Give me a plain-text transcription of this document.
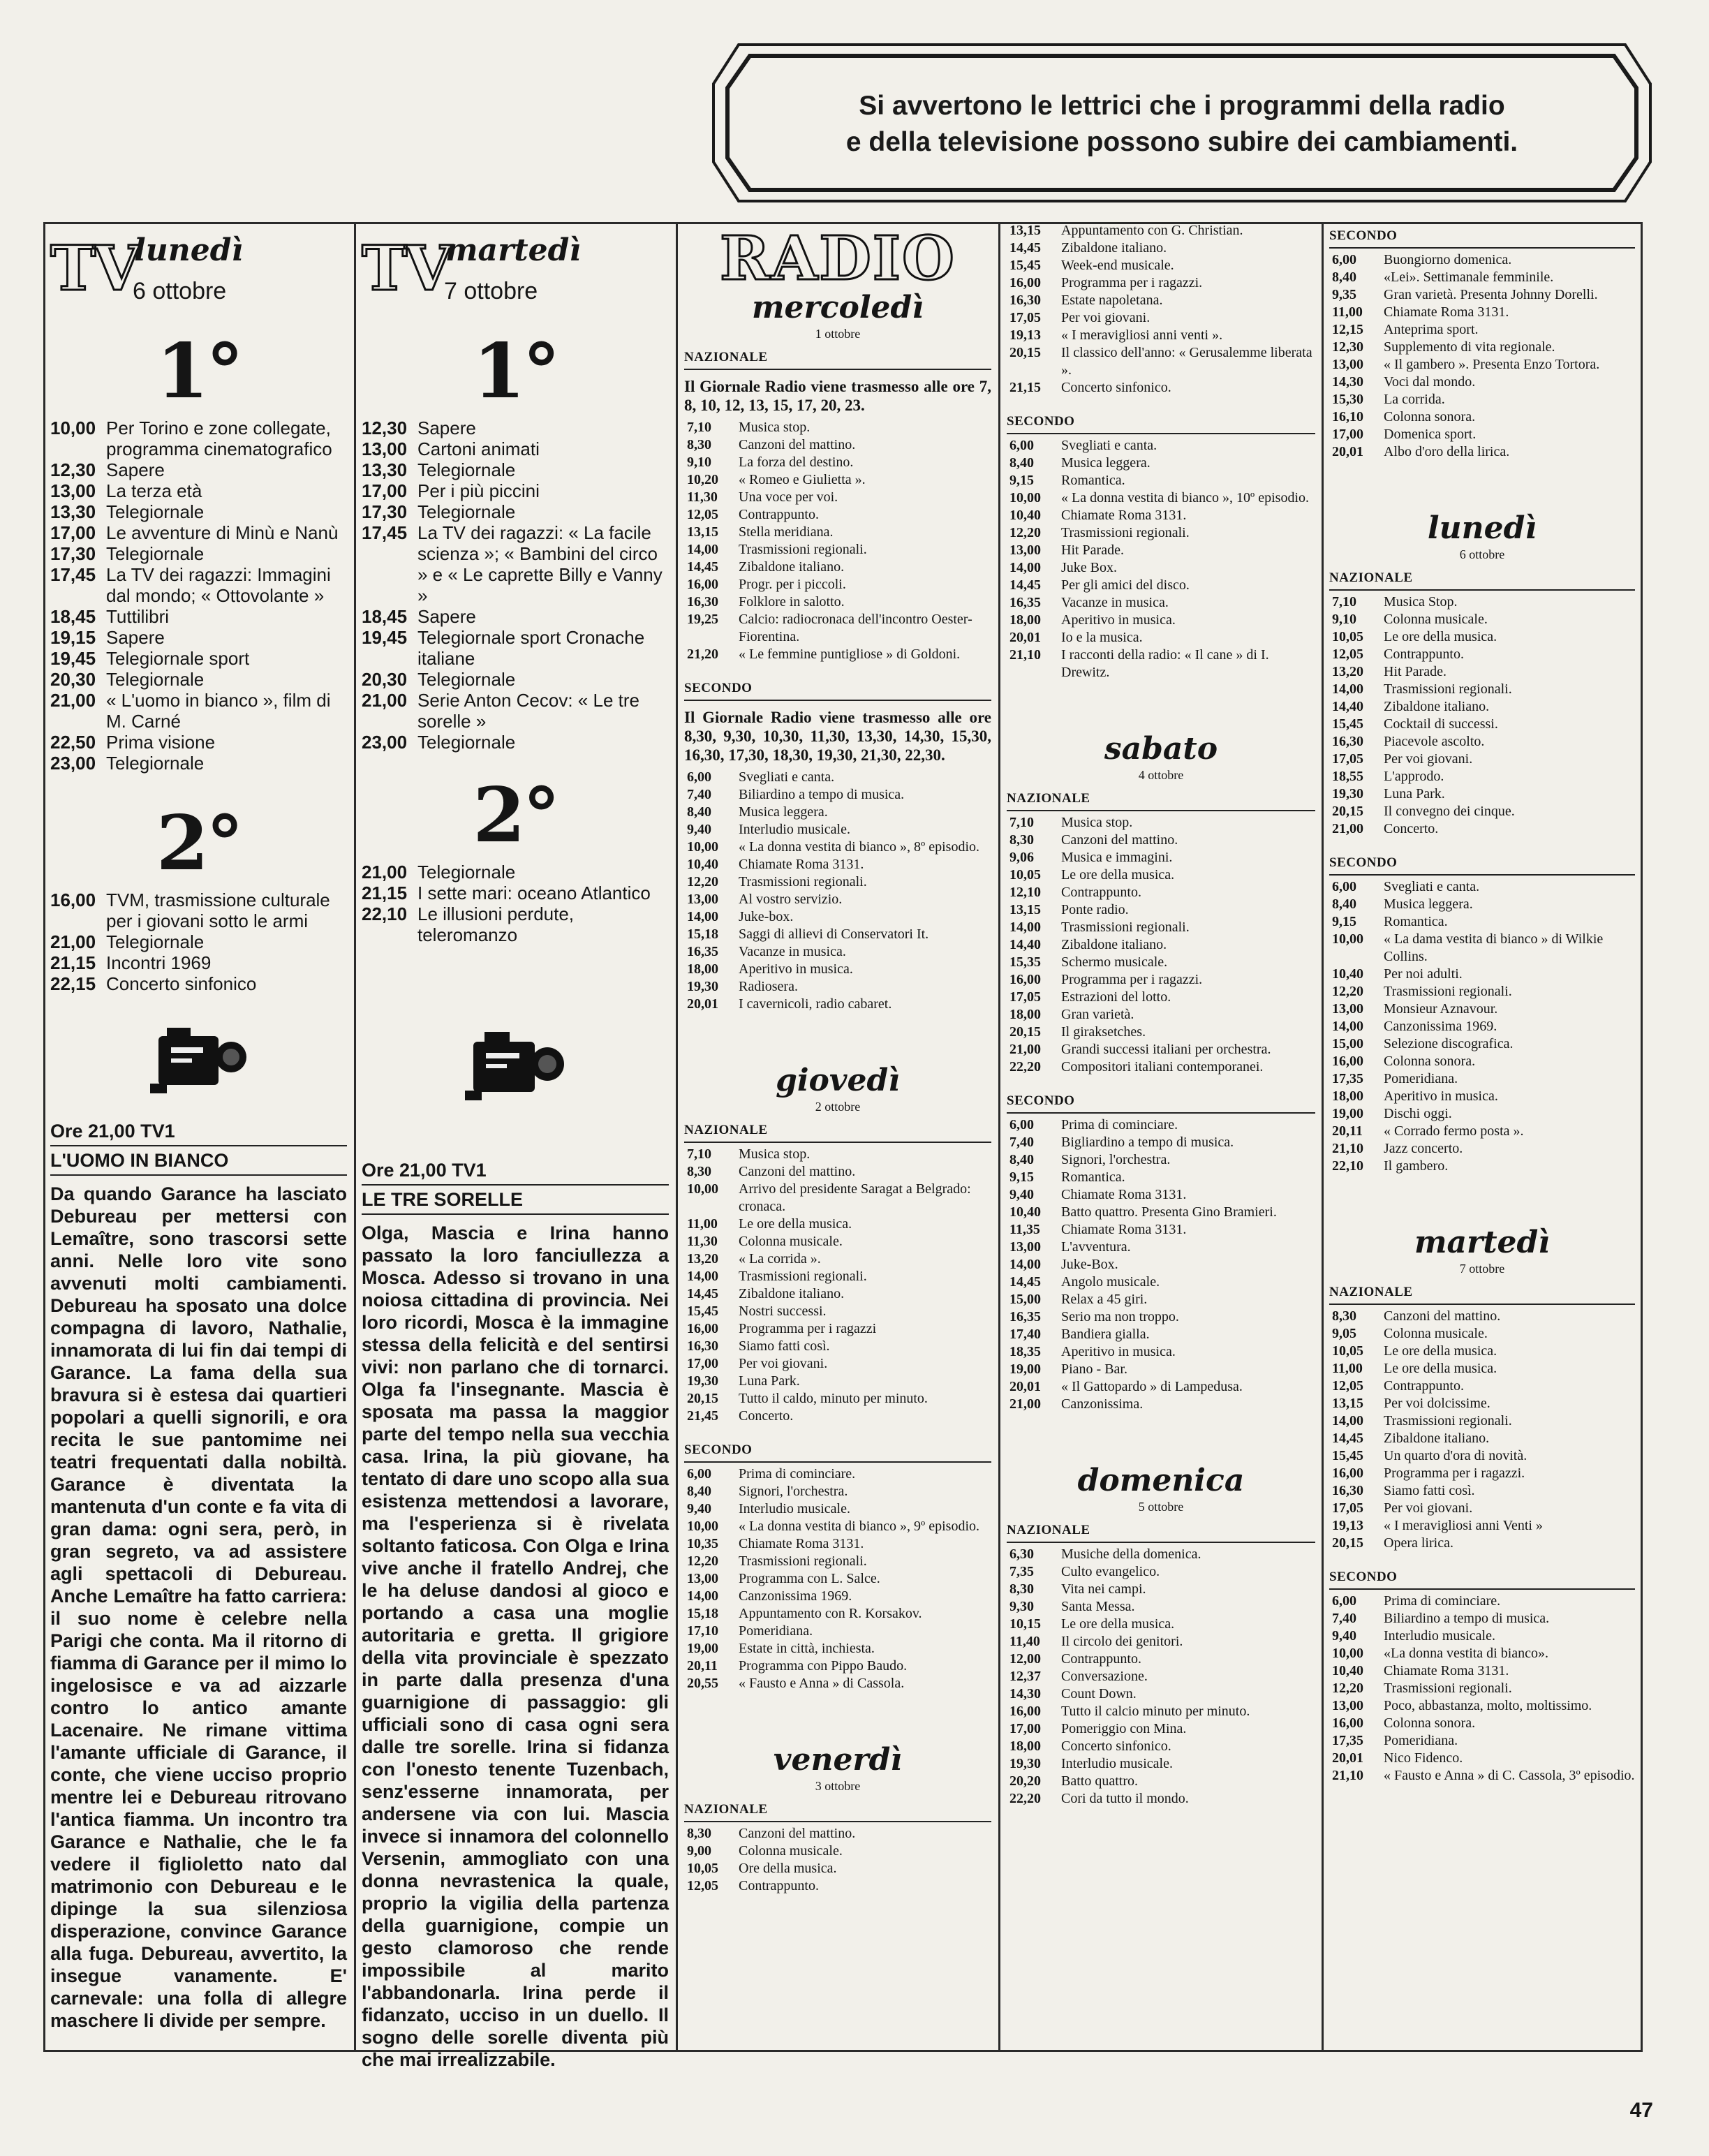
Si avvertono le lettrici che i programmi della radio
e della televisione possono subire dei cambiamenti.
TV
lunedì
6 ottobre
1°
10,00 Per Torino e zone collegate, programma cinematografico
12,30 Sapere
13,00 La terza età
13,30 Telegiornale
17,00 Le avventure di Minù e Nanù
17,30 Telegiornale
17,45 La TV dei ragazzi: Immagini dal mondo; « Ottovolante »
18,45 Tuttilibri
19,15 Sapere
19,45 Telegiornale sport
20,30 Telegiornale
21,00 « L'uomo in bianco », film di M. Carné
22,50 Prima visione
23,00 Telegiornale
2°
16,00 TVM, trasmissione culturale per i giovani sotto le armi
21,00 Telegiornale
21,15 Incontri 1969
22,15 Concerto sinfonico
Ore 21,00 TV1
L'UOMO IN BIANCO
Da quando Garance ha lasciato Debureau per mettersi con Lemaître, sono trascorsi sette anni. Nelle loro vite sono avvenuti molti cambiamenti. Debureau ha sposato una dolce compagna di lavoro, Nathalie, innamorata di lui fin dai tempi di Garance. La fama della sua bravura si è estesa dai quartieri popolari a quelli signorili, e ora recita le sue pantomime nei teatri frequentati dalla nobiltà. Garance è diventata la mantenuta d'un conte e fa vita di gran dama: ogni sera, però, in gran segreto, va ad assistere agli spettacoli di Debureau. Anche Lemaître ha fatto carriera: il suo nome è celebre nella Parigi che conta. Ma il ritorno di fiamma di Garance per il mimo lo ingelosisce e va ad aizzarle contro lo antico amante Lacenaire. Ne rimane vittima l'amante ufficiale di Garance, il conte, che viene ucciso proprio mentre lei e Debureau ritrovano l'antica fiamma. Un incontro tra Garance e Nathalie, che le fa vedere il figlioletto nato dal matrimonio con Debureau e le dipinge la sua silenziosa disperazione, convince Garance alla fuga. Debureau, avvertito, la insegue vanamente. E' carnevale: una folla di allegre maschere li divide per sempre.
TV
martedì
7 ottobre
1°
12,30 Sapere
13,00 Cartoni animati
13,30 Telegiornale
17,00 Per i più piccini
17,30 Telegiornale
17,45 La TV dei ragazzi: « La facile scienza »; « Bambini del circo » e « Le caprette Billy e Vanny »
18,45 Sapere
19,45 Telegiornale sport Cronache italiane
20,30 Telegiornale
21,00 Serie Anton Cecov: « Le tre sorelle »
23,00 Telegiornale
2°
21,00 Telegiornale
21,15 I sette mari: oceano Atlantico
22,10 Le illusioni perdute, teleromanzo
Ore 21,00 TV1
LE TRE SORELLE
Olga, Mascia e Irina hanno passato la loro fanciullezza a Mosca. Adesso si trovano in una noiosa cittadina di provincia. Nei loro ricordi, Mosca è la immagine stessa della felicità e del sentirsi vivi: non parlano che di tornarci. Olga fa l'insegnante. Mascia è sposata ma passa la maggior parte del tempo nella sua vecchia casa. Irina, la più giovane, ha tentato di dare uno scopo alla sua esistenza mettendosi a lavorare, ma l'esperienza si è rivelata soltanto faticosa. Con Olga e Irina vive anche il fratello Andrej, che le ha deluse dandosi al gioco e portando a casa una moglie autoritaria e gretta. Il grigiore della vita provinciale è spezzato in parte dalla presenza d'una guarnigione di passaggio: gli ufficiali sono di casa ogni sera dalle tre sorelle. Irina si fidanza con l'onesto tenente Tuzenbach, senz'esserne innamorata, per andersene via con lui. Mascia invece si innamora del colonnello Versenin, ammogliato con una donna nevrastenica la quale, proprio la vigilia della partenza della guarnigione, compie un gesto clamoroso che rende impossibile al marito l'abbandonarla. Irina perde il fidanzato, ucciso in un duello. Il sogno delle sorelle diventa più che mai irrealizzabile.
RADIO
mercoledì
1 ottobre
NAZIONALE
Il Giornale Radio viene trasmesso alle ore 7, 8, 10, 12, 13, 15, 17, 20, 23.
7,10	Musica stop.
8,30	Canzoni del mattino.
9,10	La forza del destino.
10,20	« Romeo e Giulietta ».
11,30	Una voce per voi.
12,05	Contrappunto.
13,15	Stella meridiana.
14,00	Trasmissioni regionali.
14,45	Zibaldone italiano.
16,00	Progr. per i piccoli.
16,30	Folklore in salotto.
19,25	Calcio: radiocronaca dell'incontro Oester-Fiorentina.
21,20	« Le femmine puntigliose » di Goldoni.
SECONDO
Il Giornale Radio viene trasmesso alle ore 8,30, 9,30, 10,30, 11,30, 13,30, 14,30, 15,30, 16,30, 17,30, 18,30, 19,30, 21,30, 22,30.
6,00	Svegliati e canta.
7,40	Biliardino a tempo di musica.
8,40	Musica leggera.
9,40	Interludio musicale.
10,00	« La donna vestita di bianco », 8º episodio.
10,40	Chiamate Roma 3131.
12,20	Trasmissioni regionali.
13,00	Al vostro servizio.
14,00	Juke-box.
15,18	Saggi di allievi di Conservatori It.
16,35	Vacanze in musica.
18,00	Aperitivo in musica.
19,30	Radiosera.
20,01	I cavernicoli, radio cabaret.
giovedì
2 ottobre
NAZIONALE
7,10	Musica stop.
8,30	Canzoni del mattino.
10,00	Arrivo del presidente Saragat a Belgrado: cronaca.
11,00	Le ore della musica.
11,30	Colonna musicale.
13,20	« La corrida ».
14,00	Trasmissioni regionali.
14,45	Zibaldone italiano.
15,45	Nostri successi.
16,00	Programma per i ragazzi
16,30	Siamo fatti così.
17,00	Per voi giovani.
19,30	Luna Park.
20,15	Tutto il caldo, minuto per minuto.
21,45	Concerto.
SECONDO
6,00	Prima di cominciare.
8,40	Signori, l'orchestra.
9,40	Interludio musicale.
10,00	« La donna vestita di bianco », 9º episodio.
10,35	Chiamate Roma 3131.
12,20	Trasmissioni regionali.
13,00	Programma con L. Salce.
14,00	Canzonissima 1969.
15,18	Appuntamento con R. Korsakov.
17,10	Pomeridiana.
19,00	Estate in città, inchiesta.
20,11	Programma con Pippo Baudo.
20,55	« Fausto e Anna » di Cassola.
venerdì
3 ottobre
NAZIONALE
8,30	Canzoni del mattino.
9,00	Colonna musicale.
10,05	Ore della musica.
12,05	Contrappunto.
13,15	Appuntamento con G. Christian.
14,45	Zibaldone italiano.
15,45	Week-end musicale.
16,00	Programma per i ragazzi.
16,30	Estate napoletana.
17,05	Per voi giovani.
19,13	« I meravigliosi anni venti ».
20,15	Il classico dell'anno: « Gerusalemme liberata ».
21,15	Concerto sinfonico.
SECONDO
6,00	Svegliati e canta.
8,40	Musica leggera.
9,15	Romantica.
10,00	« La donna vestita di bianco », 10º episodio.
10,40	Chiamate Roma 3131.
12,20	Trasmissioni regionali.
13,00	Hit Parade.
14,00	Juke Box.
14,45	Per gli amici del disco.
16,35	Vacanze in musica.
18,00	Aperitivo in musica.
20,01	Io e la musica.
21,10	I racconti della radio: « Il cane » di I. Drewitz.
sabato
4 ottobre
NAZIONALE
7,10	Musica stop.
8,30	Canzoni del mattino.
9,06	Musica e immagini.
10,05	Le ore della musica.
12,10	Contrappunto.
13,15	Ponte radio.
14,00	Trasmissioni regionali.
14,40	Zibaldone italiano.
15,35	Schermo musicale.
16,00	Programma per i ragazzi.
17,05	Estrazioni del lotto.
18,00	Gran varietà.
20,15	Il giraksetches.
21,00	Grandi successi italiani per orchestra.
22,20	Compositori italiani contemporanei.
SECONDO
6,00	Prima di cominciare.
7,40	Bigliardino a tempo di musica.
8,40	Signori, l'orchestra.
9,15	Romantica.
9,40	Chiamate Roma 3131.
10,40	Batto quattro. Presenta Gino Bramieri.
11,35	Chiamate Roma 3131.
13,00	L'avventura.
14,00	Juke-Box.
14,45	Angolo musicale.
15,00	Relax a 45 giri.
16,35	Serio ma non troppo.
17,40	Bandiera gialla.
18,35	Aperitivo in musica.
19,00	Piano - Bar.
20,01	« Il Gattopardo » di Lampedusa.
21,00	Canzonissima.
domenica
5 ottobre
NAZIONALE
6,30	Musiche della domenica.
7,35	Culto evangelico.
8,30	Vita nei campi.
9,30	Santa Messa.
10,15	Le ore della musica.
11,40	Il circolo dei genitori.
12,00	Contrappunto.
12,37	Conversazione.
14,30	Count Down.
16,00	Tutto il calcio minuto per minuto.
17,00	Pomeriggio con Mina.
18,00	Concerto sinfonico.
19,30	Interludio musicale.
20,20	Batto quattro.
22,20	Cori da tutto il mondo.
SECONDO
6,00	Buongiorno domenica.
8,40	«Lei». Settimanale femminile.
9,35	Gran varietà. Presenta Johnny Dorelli.
11,00	Chiamate Roma 3131.
12,15	Anteprima sport.
12,30	Supplemento di vita regionale.
13,00	« Il gambero ». Presenta Enzo Tortora.
14,30	Voci dal mondo.
15,30	La corrida.
16,10	Colonna sonora.
17,00	Domenica sport.
20,01	Albo d'oro della lirica.
lunedì
6 ottobre
NAZIONALE
7,10	Musica Stop.
9,10	Colonna musicale.
10,05	Le ore della musica.
12,05	Contrappunto.
13,20	Hit Parade.
14,00	Trasmissioni regionali.
14,40	Zibaldone italiano.
15,45	Cocktail di successi.
16,30	Piacevole ascolto.
17,05	Per voi giovani.
18,55	L'approdo.
19,30	Luna Park.
20,15	Il convegno dei cinque.
21,00	Concerto.
SECONDO
6,00	Svegliati e canta.
8,40	Musica leggera.
9,15	Romantica.
10,00	« La dama vestita di bianco » di Wilkie Collins.
10,40	Per noi adulti.
12,20	Trasmissioni regionali.
13,00	Monsieur Aznavour.
14,00	Canzonissima 1969.
15,00	Selezione discografica.
16,00	Colonna sonora.
17,35	Pomeridiana.
18,00	Aperitivo in musica.
19,00	Dischi oggi.
20,11	« Corrado fermo posta ».
21,10	Jazz concerto.
22,10	Il gambero.
martedì
7 ottobre
NAZIONALE
8,30	Canzoni del mattino.
9,05	Colonna musicale.
10,05	Le ore della musica.
11,00	Le ore della musica.
12,05	Contrappunto.
13,15	Per voi dolcissime.
14,00	Trasmissioni regionali.
14,45	Zibaldone italiano.
15,45	Un quarto d'ora di novità.
16,00	Programma per i ragazzi.
16,30	Siamo fatti così.
17,05	Per voi giovani.
19,13	« I meravigliosi anni Venti »
20,15	Opera lirica.
SECONDO
6,00	Prima di cominciare.
7,40	Biliardino a tempo di musica.
9,40	Interludio musicale.
10,00	«La donna vestita di bianco».
10,40	Chiamate Roma 3131.
12,20	Trasmissioni regionali.
13,00	Poco, abbastanza, molto, moltissimo.
16,00	Colonna sonora.
17,35	Pomeridiana.
20,01	Nico Fidenco.
21,10	« Fausto e Anna » di C. Cassola, 3º episodio.
47
